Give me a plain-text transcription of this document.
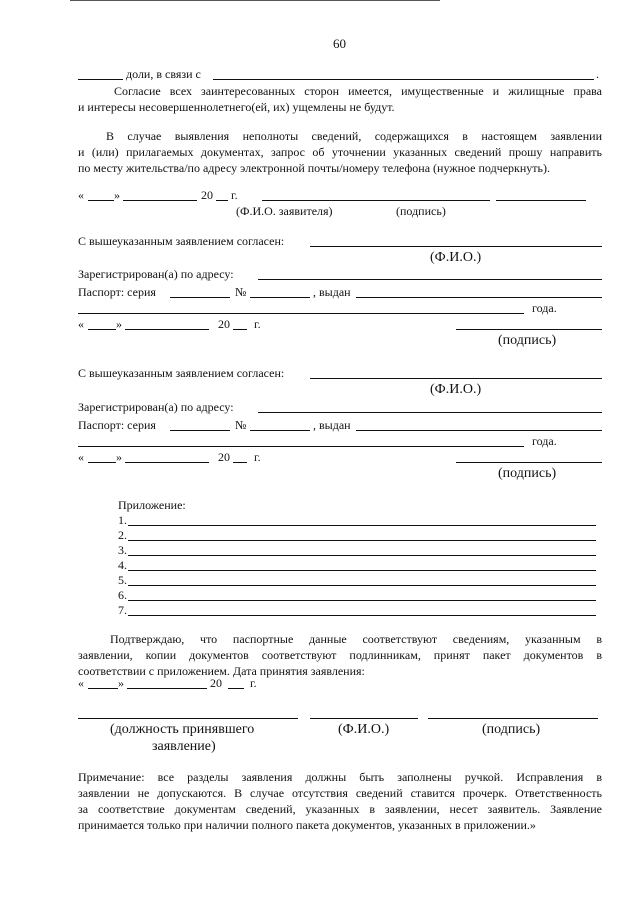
60
доли, в связи с	.
Согласие всех заинтересованных сторон имеется, имущественные и жилищные права
и интересы несовершеннолетнего(ей, их) ущемлены не будут.
В случае выявления неполноты сведений, содержащихся в настоящем заявлении
и (или) прилагаемых документах, запрос об уточнении указанных сведений прошу направить
по месту жительства/по адресу электронной почты/номеру телефона (нужное подчеркнуть).
«	»	20 г.
(Ф.И.О. заявителя)	(подпись)
С вышеуказанным заявлением согласен:
(Ф.И.О.)
Зарегистрирован(а) по адресу:
Паспорт: серия	№	, выдан
года.
«	»	20 г.
(подпись)
С вышеуказанным заявлением согласен:
(Ф.И.О.)
Зарегистрирован(а) по адресу:
Паспорт: серия	№	, выдан
года.
«	»	20 г.
(подпись)
Приложение:
1.
2.
3.
4.
5.
6.
7.
Подтверждаю, что паспортные данные соответствуют сведениям, указанным в
заявлении, копии документов соответствуют подлинникам, принят пакет документов в
соответствии с приложением. Дата принятия заявления:
«	»	20 г.
(должность принявшего
заявление)
(Ф.И.О.)	(подпись)
Примечание: все разделы заявления должны быть заполнены ручкой. Исправления в
заявлении не допускаются. В случае отсутствия сведений ставится прочерк. Ответственность
за соответствие документам сведений, указанных в заявлении, несет заявитель. Заявление
принимается только при наличии полного пакета документов, указанных в приложении.»
